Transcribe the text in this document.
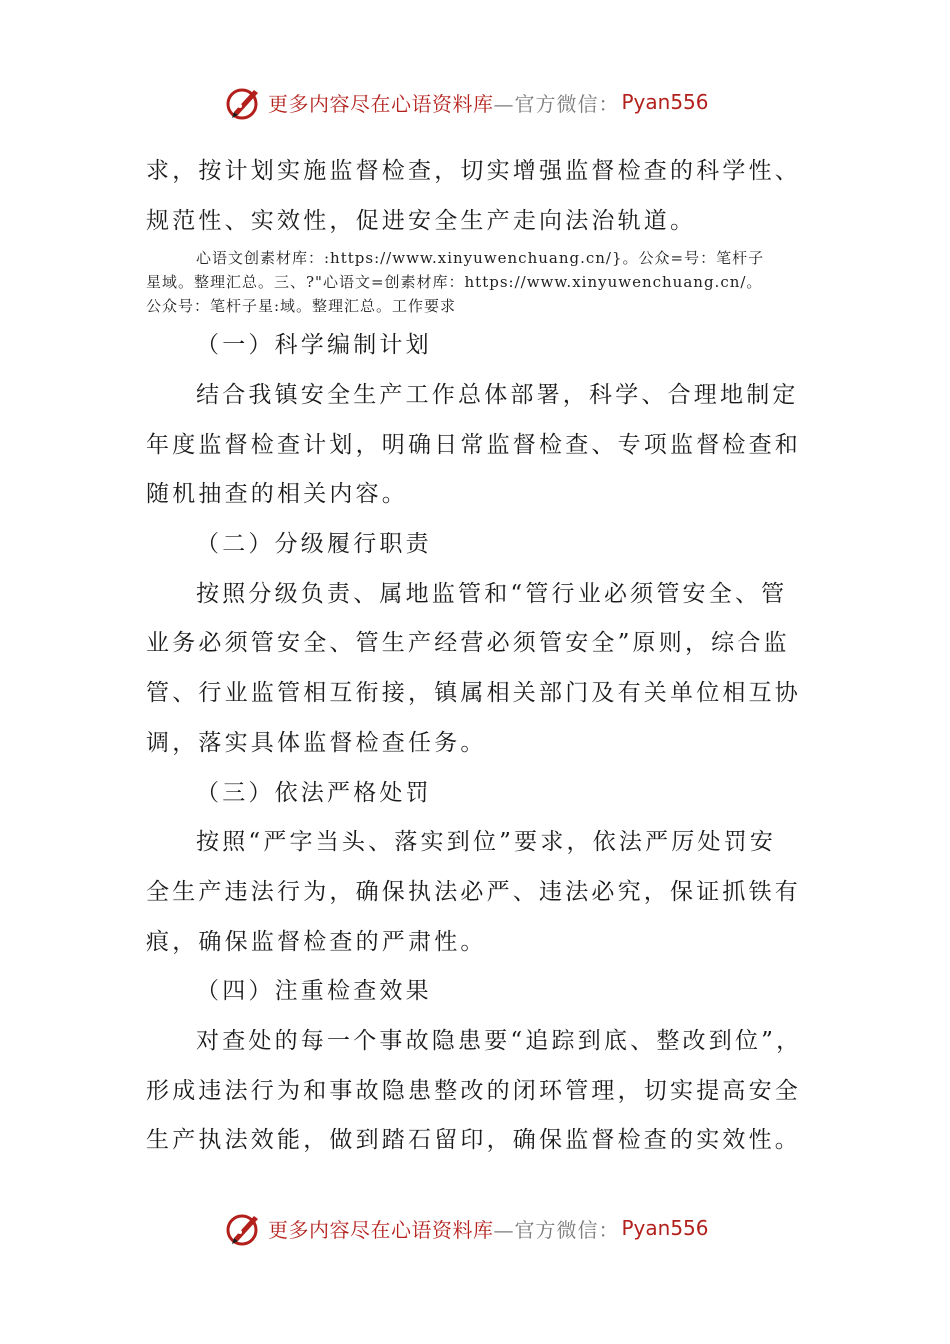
更多内容尽在心语资料库 —官方微信： Pyan556
求，按计划实施监督检查，切实增强监督检查的科学性、
规范性、实效性，促进安全生产走向法治轨道。
心语文创素材库：:https://www.xinyuwenchuang.cn/}。公众=号：笔杆子
星域。整理汇总。三、?"心语文=创素材库：https://www.xinyuwenchuang.cn/。
公众号：笔杆子星:域。整理汇总。工作要求
（一）科学编制计划
结合我镇安全生产工作总体部署，科学、合理地制定
年度监督检查计划，明确日常监督检查、专项监督检查和
随机抽查的相关内容。
（二）分级履行职责
按照分级负责、属地监管和“管行业必须管安全、管
业务必须管安全、管生产经营必须管安全”原则，综合监
管、行业监管相互衔接，镇属相关部门及有关单位相互协
调，落实具体监督检查任务。
（三）依法严格处罚
按照“严字当头、落实到位”要求，依法严厉处罚安
全生产违法行为，确保执法必严、违法必究，保证抓铁有
痕，确保监督检查的严肃性。
（四）注重检查效果
对查处的每一个事故隐患要“追踪到底、整改到位”，
形成违法行为和事故隐患整改的闭环管理，切实提高安全
生产执法效能，做到踏石留印，确保监督检查的实效性。
更多内容尽在心语资料库 —官方微信： Pyan556
